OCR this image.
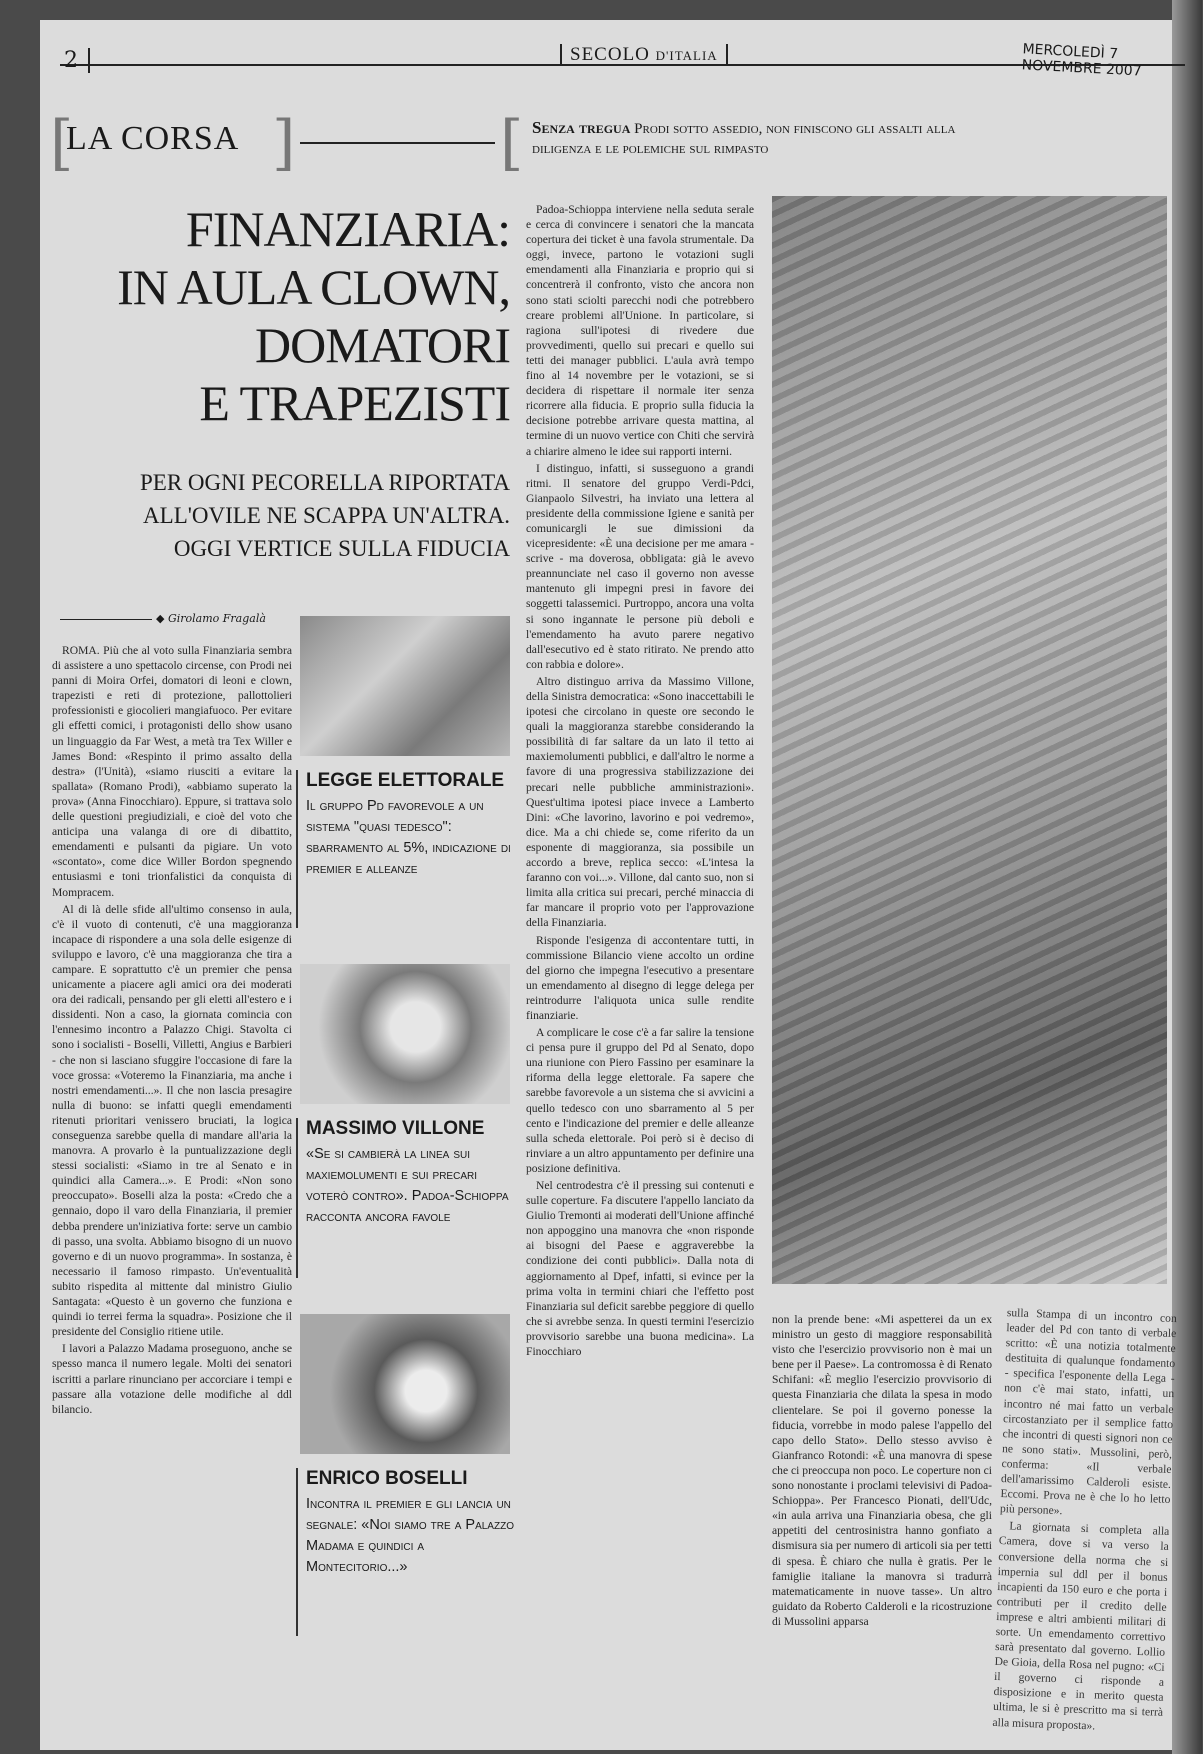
2	SECOLO D'ITALIA	MERCOLEDÌ 7 NOVEMBRE 2007
[
LA CORSA ]	[ Senza tregua Prodi sotto assedio, non finiscono gli assalti alla diligenza e le polemiche sul rimpasto
FINANZIARIA:
IN AULA CLOWN,
DOMATORI
E TRAPEZISTI
PER OGNI PECORELLA RIPORTATA
ALL'OVILE NE SCAPPA UN'ALTRA.
OGGI VERTICE SULLA FIDUCIA
◆ Girolamo Fragalà

ROMA. Più che al voto sulla Finanziaria sembra di assistere a uno spettacolo circense, con Prodi nei panni di Moira Orfei, domatori di leoni e clown, trapezisti e reti di protezione, pallottolieri professionisti e giocolieri mangiafuoco. Per evitare gli effetti comici, i protagonisti dello show usano un linguaggio da Far West, a metà tra Tex Willer e James Bond: «Respinto il primo assalto della destra» (l'Unità), «siamo riusciti a evitare la spallata» (Romano Prodi), «abbiamo superato la prova» (Anna Finocchiaro). Eppure, si trattava solo delle questioni pregiudiziali, e cioè del voto che anticipa una valanga di ore di dibattito, emendamenti e pulsanti da pigiare. Un voto «scontato», come dice Willer Bordon spegnendo entusiasmi e toni trionfalistici da conquista di Mompracem.

Al di là delle sfide all'ultimo consenso in aula, c'è il vuoto di contenuti, c'è una maggioranza incapace di rispondere a una sola delle esigenze di sviluppo e lavoro, c'è una maggioranza che tira a campare. E soprattutto c'è un premier che pensa unicamente a piacere agli amici ora dei moderati ora dei radicali, pensando per gli eletti all'estero e i dissidenti. Non a caso, la giornata comincia con l'ennesimo incontro a Palazzo Chigi. Stavolta ci sono i socialisti - Boselli, Villetti, Angius e Barbieri - che non si lasciano sfuggire l'occasione di fare la voce grossa: «Voteremo la Finanziaria, ma anche i nostri emendamenti...». Il che non lascia presagire nulla di buono: se infatti quegli emendamenti ritenuti prioritari venissero bruciati, la logica conseguenza sarebbe quella di mandare all'aria la manovra. A provarlo è la puntualizzazione degli stessi socialisti: «Siamo in tre al Senato e in quindici alla Camera...». E Prodi: «Non sono preoccupato». Boselli alza la posta: «Credo che a gennaio, dopo il varo della Finanziaria, il premier debba prendere un'iniziativa forte: serve un cambio di passo, una svolta. Abbiamo bisogno di un nuovo governo e di un nuovo programma». In sostanza, è necessario il famoso rimpasto. Un'eventualità subito rispedita al mittente dal ministro Giulio Santagata: «Questo è un governo che funziona e quindi io terrei ferma la squadra». Posizione che il presidente del Consiglio ritiene utile.

I lavori a Palazzo Madama proseguono, anche se spesso manca il numero legale. Molti dei senatori iscritti a parlare rinunciano per accorciare i tempi e passare alla votazione delle modifiche al ddl bilancio.

LEGGE ELETTORALE
Il gruppo Pd favorevole a un sistema "quasi tedesco": sbarramento al 5%, indicazione di premier e alleanze
MASSIMO VILLONE
«Se si cambierà la linea sui maxiemolumenti e sui precari voterò contro». Padoa-Schioppa racconta ancora favole
ENRICO BOSELLI
Incontra il premier e gli lancia un segnale: «Noi siamo tre a Palazzo Madama e quindici a Montecitorio...»

Padoa-Schioppa interviene nella seduta serale e cerca di convincere i senatori che la mancata copertura dei ticket è una favola strumentale. Da oggi, invece, partono le votazioni sugli emendamenti alla Finanziaria e proprio qui si concentrerà il confronto, visto che ancora non sono stati sciolti parecchi nodi che potrebbero creare problemi all'Unione. In particolare, si ragiona sull'ipotesi di rivedere due provvedimenti, quello sui precari e quello sui tetti dei manager pubblici. L'aula avrà tempo fino al 14 novembre per le votazioni, se si decidera di rispettare il normale iter senza ricorrere alla fiducia. E proprio sulla fiducia la decisione potrebbe arrivare questa mattina, al termine di un nuovo vertice con Chiti che servirà a chiarire almeno le idee sui rapporti interni.

I distinguo, infatti, si susseguono a grandi ritmi. Il senatore del gruppo Verdi-Pdci, Gianpaolo Silvestri, ha inviato una lettera al presidente della commissione Igiene e sanità per comunicargli le sue dimissioni da vicepresidente: «È una decisione per me amara - scrive - ma doverosa, obbligata: già le avevo preannunciate nel caso il governo non avesse mantenuto gli impegni presi in favore dei soggetti talassemici. Purtroppo, ancora una volta si sono ingannate le persone più deboli e l'emendamento ha avuto parere negativo dall'esecutivo ed è stato ritirato. Ne prendo atto con rabbia e dolore».

Altro distinguo arriva da Massimo Villone, della Sinistra democratica: «Sono inaccettabili le ipotesi che circolano in queste ore secondo le quali la maggioranza starebbe considerando la possibilità di far saltare da un lato il tetto ai maxiemolumenti pubblici, e dall'altro le norme a favore di una progressiva stabilizzazione dei precari nelle pubbliche amministrazioni». Quest'ultima ipotesi piace invece a Lamberto Dini: «Che lavorino, lavorino e poi vedremo», dice. Ma a chi chiede se, come riferito da un esponente di maggioranza, sia possibile un accordo a breve, replica secco: «L'intesa la faranno con voi...». Villone, dal canto suo, non si limita alla critica sui precari, perché minaccia di far mancare il proprio voto per l'approvazione della Finanziaria.

Risponde l'esigenza di accontentare tutti, in commissione Bilancio viene accolto un ordine del giorno che impegna l'esecutivo a presentare un emendamento al disegno di legge delega per reintrodurre l'aliquota unica sulle rendite finanziarie.

A complicare le cose c'è a far salire la tensione ci pensa pure il gruppo del Pd al Senato, dopo una riunione con Piero Fassino per esaminare la riforma della legge elettorale. Fa sapere che sarebbe favorevole a un sistema che si avvicini a quello tedesco con uno sbarramento al 5 per cento e l'indicazione del premier e delle alleanze sulla scheda elettorale. Poi però si è deciso di rinviare a un altro appuntamento per definire una posizione definitiva.

Nel centrodestra c'è il pressing sui contenuti e sulle coperture. Fa discutere l'appello lanciato da Giulio Tremonti ai moderati dell'Unione affinché non appoggino una manovra che «non risponde ai bisogni del Paese e aggraverebbe la condizione dei conti pubblici». Dalla nota di aggiornamento al Dpef, infatti, si evince per la prima volta in termini chiari che l'effetto post Finanziaria sul deficit sarebbe peggiore di quello che si avrebbe senza. In questi termini l'esercizio provvisorio sarebbe una buona medicina». La Finocchiaro

non la prende bene: «Mi aspetterei da un ex ministro un gesto di maggiore responsabilità visto che l'esercizio provvisorio non è mai un bene per il Paese». La contromossa è di Renato Schifani: «È meglio l'esercizio provvisorio di questa Finanziaria che dilata la spesa in modo clientelare. Se poi il governo ponesse la fiducia, vorrebbe in modo palese l'appello del capo dello Stato». Dello stesso avviso è Gianfranco Rotondi: «È una manovra di spese che ci preoccupa non poco. Le coperture non ci sono nonostante i proclami televisivi di Padoa-Schioppa». Per Francesco Pionati, dell'Udc, «in aula arriva una Finanziaria obesa, che gli appetiti del centrosinistra hanno gonfiato a dismisura sia per numero di articoli sia per tetti di spesa. È chiaro che nulla è gratis. Per le famiglie italiane la manovra si tradurrà matematicamente in nuove tasse». Un altro guidato da Roberto Calderoli e la ricostruzione di Mussolini apparsa

sulla Stampa di un incontro con leader del Pd con tanto di verbale scritto: «È una notizia totalmente destituita di qualunque fondamento - specifica l'esponente della Lega - non c'è mai stato, infatti, un incontro né mai fatto un verbale circostanziato per il semplice fatto che incontri di questi signori non ce ne sono stati». Mussolini, però, conferma: «Il verbale dell'amarissimo Calderoli esiste. Eccomi. Prova ne è che lo ho letto più persone».

La giornata si completa alla Camera, dove si va verso la conversione della norma che si impernia sul ddl per il bonus incapienti da 150 euro e che porta i contributi per il credito delle imprese e altri ambienti militari di sorte. Un emendamento correttivo sarà presentato dal governo. Lollio De Gioia, della Rosa nel pugno: «Ci il governo ci risponde a disposizione e in merito questa ultima, le si è prescritto ma si terrà alla misura proposta».
